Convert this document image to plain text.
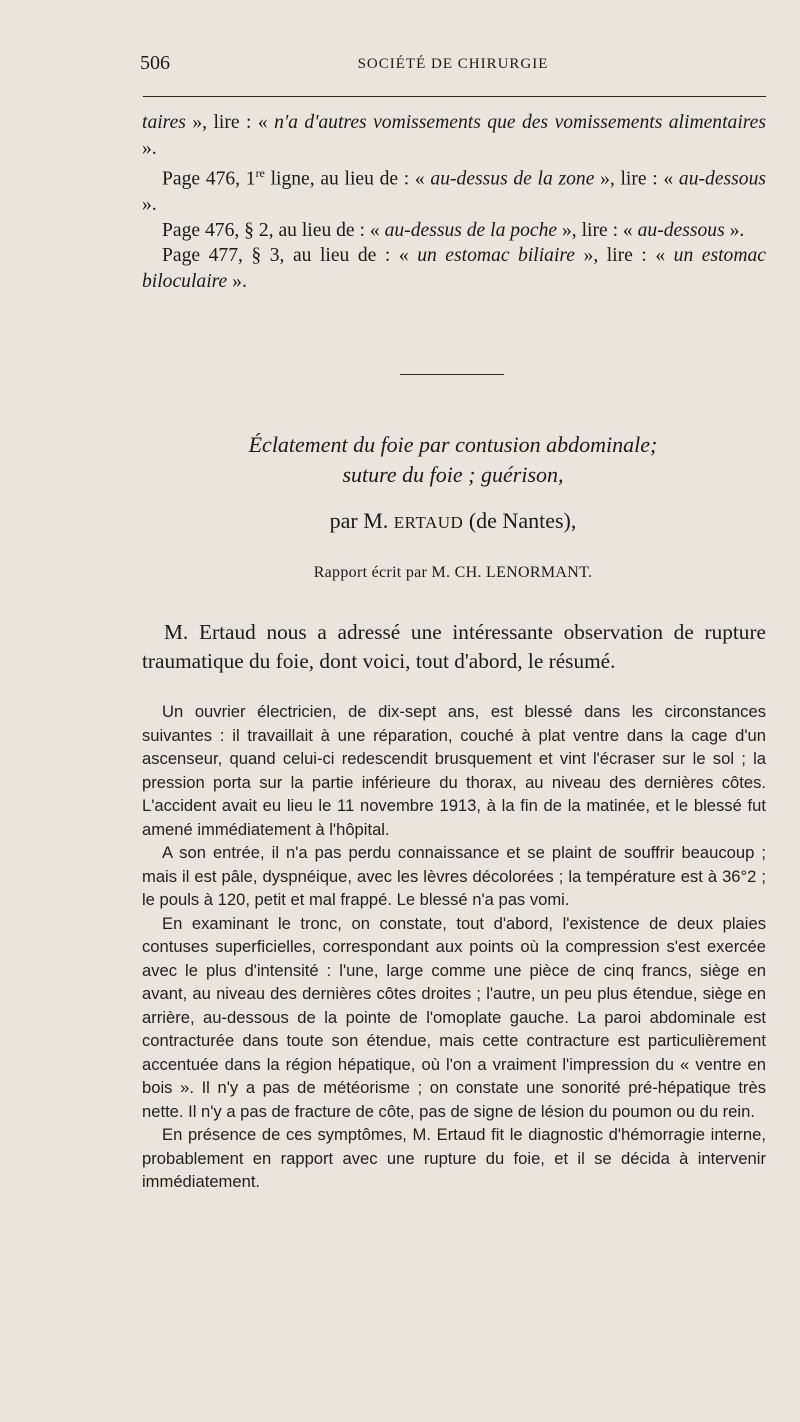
506	SOCIÉTÉ DE CHIRURGIE

taires », lire : « n'a d'autres vomissements que des vomissements alimentaires ».

Page 476, 1re ligne, au lieu de : « au-dessus de la zone », lire : « au-dessous ».

Page 476, § 2, au lieu de : « au-dessus de la poche », lire : « au-dessous ».

Page 477, § 3, au lieu de : « un estomac biliaire », lire : « un estomac biloculaire ».

Éclatement du foie par contusion abdominale;

suture du foie ; guérison,

par M. ERTAUD (de Nantes),
Rapport écrit par M. CH. LENORMANT.

M. Ertaud nous a adressé une intéressante observation de rupture traumatique du foie, dont voici, tout d'abord, le résumé.

Un ouvrier électricien, de dix-sept ans, est blessé dans les circonstances suivantes : il travaillait à une réparation, couché à plat ventre dans la cage d'un ascenseur, quand celui-ci redescendit brusquement et vint l'écraser sur le sol ; la pression porta sur la partie inférieure du thorax, au niveau des dernières côtes. L'accident avait eu lieu le 11 novembre 1913, à la fin de la matinée, et le blessé fut amené immédiatement à l'hôpital.

A son entrée, il n'a pas perdu connaissance et se plaint de souffrir beaucoup ; mais il est pâle, dyspnéique, avec les lèvres décolorées ; la température est à 36°2 ; le pouls à 120, petit et mal frappé. Le blessé n'a pas vomi.

En examinant le tronc, on constate, tout d'abord, l'existence de deux plaies contuses superficielles, correspondant aux points où la compression s'est exercée avec le plus d'intensité : l'une, large comme une pièce de cinq francs, siège en avant, au niveau des dernières côtes droites ; l'autre, un peu plus étendue, siège en arrière, au-dessous de la pointe de l'omoplate gauche. La paroi abdominale est contracturée dans toute son étendue, mais cette contracture est particulièrement accentuée dans la région hépatique, où l'on a vraiment l'impression du « ventre en bois ». Il n'y a pas de météorisme ; on constate une sonorité pré-hépatique très nette. Il n'y a pas de fracture de côte, pas de signe de lésion du poumon ou du rein.

En présence de ces symptômes, M. Ertaud fit le diagnostic d'hémorragie interne, probablement en rapport avec une rupture du foie, et il se décida à intervenir immédiatement.
